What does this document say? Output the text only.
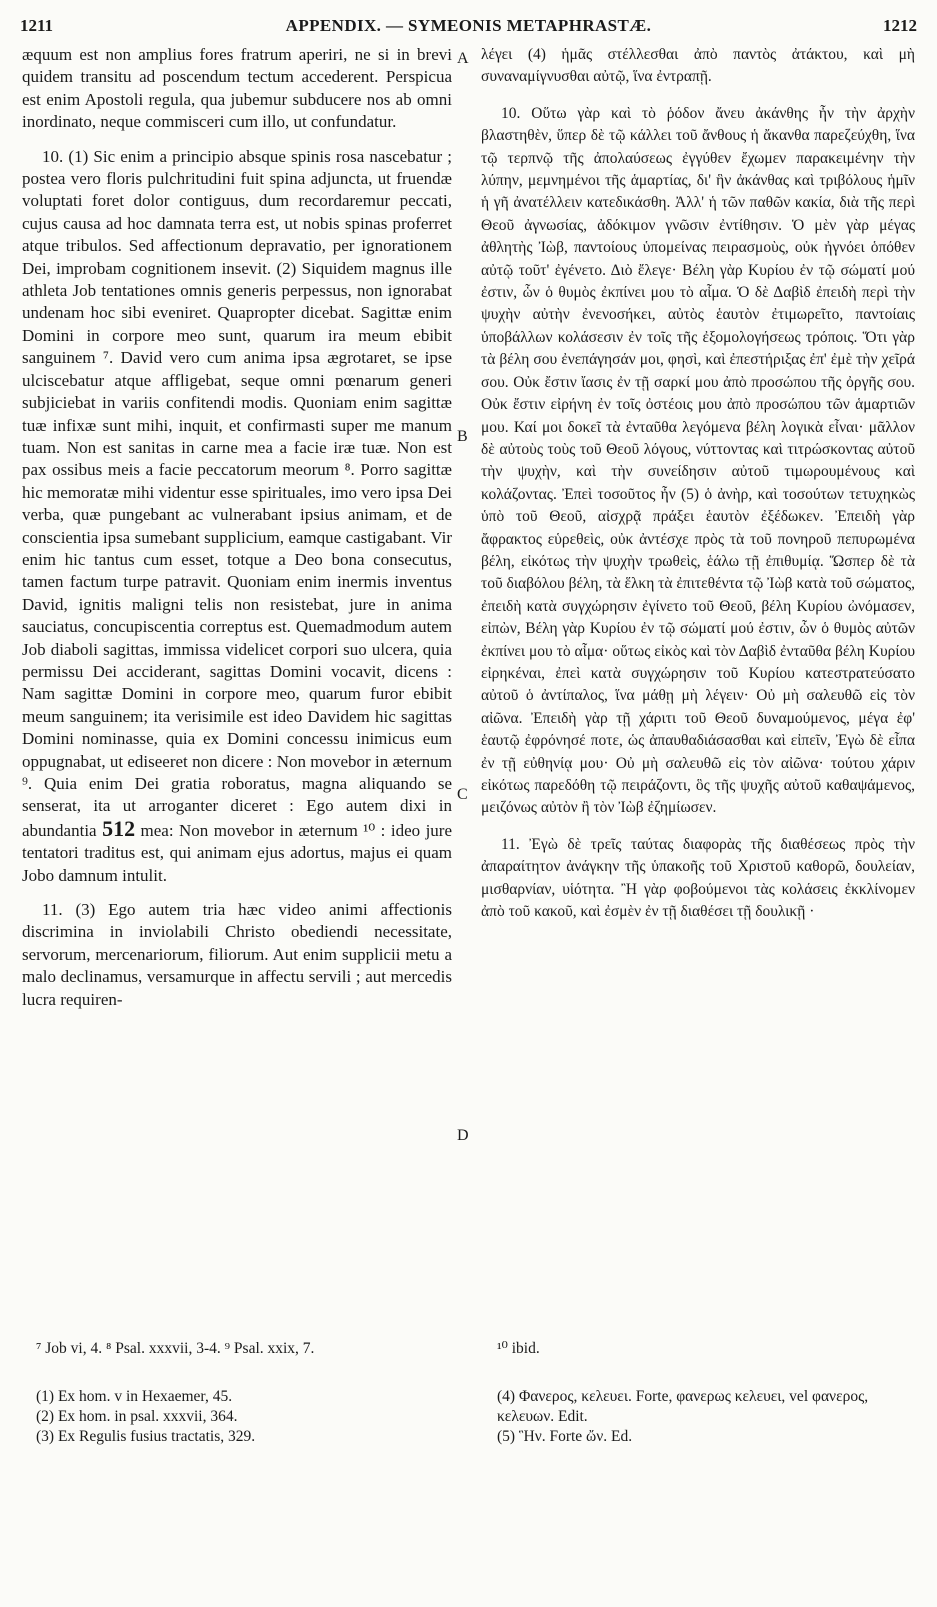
1211	APPENDIX. — SYMEONIS METAPHRASTÆ.	1212
A
B
C
D

æquum est non amplius fores fratrum aperiri, ne si in brevi quidem transitu ad poscendum tectum accederent. Perspicua est enim Apostoli regula, qua jubemur subducere nos ab omni inordinato, neque commisceri cum illo, ut confundatur.

10. (1) Sic enim a principio absque spinis rosa nascebatur ; postea vero floris pulchritudini fuit spina adjuncta, ut fruendæ voluptati foret dolor contiguus, dum recordaremur peccati, cujus causa ad hoc damnata terra est, ut nobis spinas proferret atque tribulos. Sed affectionum depravatio, per ignorationem Dei, improbam cognitionem insevit. (2) Siquidem magnus ille athleta Job tentationes omnis generis perpessus, non ignorabat undenam hoc sibi eveniret. Quapropter dicebat. Sagittæ enim Domini in corpore meo sunt, quarum ira meum ebibit sanguinem ⁷. David vero cum anima ipsa ægrotaret, se ipse ulciscebatur atque affligebat, seque omni pœnarum generi subjiciebat in variis confitendi modis. Quoniam enim sagittæ tuæ infixæ sunt mihi, inquit, et confirmasti super me manum tuam. Non est sanitas in carne mea a facie iræ tuæ. Non est pax ossibus meis a facie peccatorum meorum ⁸. Porro sagittæ hic memoratæ mihi videntur esse spirituales, imo vero ipsa Dei verba, quæ pungebant ac vulnerabant ipsius animam, et de conscientia ipsa sumebant supplicium, eamque castigabant. Vir enim hic tantus cum esset, totque a Deo bona consecutus, tamen factum turpe patravit. Quoniam enim inermis inventus David, ignitis maligni telis non resistebat, jure in anima sauciatus, concupiscentia correptus est. Quemadmodum autem Job diaboli sagittas, immissa videlicet corpori suo ulcera, quia permissu Dei acciderant, sagittas Domini vocavit, dicens : Nam sagittæ Domini in corpore meo, quarum furor ebibit meum sanguinem; ita verisimile est ideo Davidem hic sagittas Domini nominasse, quia ex Domini concessu inimicus eum oppugnabat, ut ediseeret non dicere : Non movebor in æternum ⁹. Quia enim Dei gratia roboratus, magna aliquando se senserat, ita ut arroganter diceret : Ego autem dixi in abundantia 512 mea: Non movebor in æternum ¹⁰ : ideo jure tentatori traditus est, qui animam ejus adortus, majus ei quam Jobo damnum intulit.

11. (3) Ego autem tria hæc video animi affectionis discrimina in inviolabili Christo obediendi necessitate, servorum, mercenariorum, filiorum. Aut enim supplicii metu a malo declinamus, versamurque in affectu servili ; aut mercedis lucra requiren-

λέγει (4) ἡμᾶς στέλλεσθαι ἀπὸ παντὸς ἀτάκτου, καὶ μὴ συναναμίγνυσθαι αὐτῷ, ἵνα ἐντραπῇ.

10. Οὕτω γὰρ καὶ τὸ ῥόδον ἄνευ ἀκάνθης ἦν τὴν ἀρχὴν βλαστηθὲν, ὕπερ δὲ τῷ κάλλει τοῦ ἄνθους ἡ ἄκανθα παρεζεύχθη, ἵνα τῷ τερπνῷ τῆς ἀπολαύσεως ἐγγύθεν ἔχωμεν παρακειμένην τὴν λύπην, μεμνημένοι τῆς ἁμαρτίας, δι' ἣν ἀκάνθας καὶ τριβόλους ἡμῖν ἡ γῆ ἀνατέλλειν κατεδικάσθη. Ἀλλ' ἡ τῶν παθῶν κακία, διὰ τῆς περὶ Θεοῦ ἀγνωσίας, ἀδόκιμον γνῶσιν ἐντίθησιν. Ὁ μὲν γὰρ μέγας ἀθλητὴς Ἰὼβ, παντοίους ὑπομείνας πειρασμοὺς, οὐκ ἠγνόει ὁπόθεν αὐτῷ τοῦτ' ἐγένετο. Διὸ ἔλεγε· Βέλη γὰρ Κυρίου ἐν τῷ σώματί μού ἐστιν, ὧν ὁ θυμὸς ἐκπίνει μου τὸ αἷμα. Ὁ δὲ Δαβὶδ ἐπειδὴ περὶ τὴν ψυχὴν αὐτὴν ἐνενοσήκει, αὐτὸς ἑαυτὸν ἐτιμωρεῖτο, παντοίαις ὑποβάλλων κολάσεσιν ἐν τοῖς τῆς ἐξομολογήσεως τρόποις. Ὅτι γὰρ τὰ βέλη σου ἐνεπάγησάν μοι, φησὶ, καὶ ἐπεστήριξας ἐπ' ἐμὲ τὴν χεῖρά σου. Οὐκ ἔστιν ἴασις ἐν τῇ σαρκί μου ἀπὸ προσώπου τῆς ὀργῆς σου. Οὐκ ἔστιν εἰρήνη ἐν τοῖς ὀστέοις μου ἀπὸ προσώπου τῶν ἁμαρτιῶν μου. Καί μοι δοκεῖ τὰ ἐνταῦθα λεγόμενα βέλη λογικὰ εἶναι· μᾶλλον δὲ αὐτοὺς τοὺς τοῦ Θεοῦ λόγους, νύττοντας καὶ τιτρώσκοντας αὐτοῦ τὴν ψυχὴν, καὶ τὴν συνείδησιν αὐτοῦ τιμωρουμένους καὶ κολάζοντας. Ἐπεὶ τοσοῦτος ἦν (5) ὁ ἀνὴρ, καὶ τοσούτων τετυχηκὼς ὑπὸ τοῦ Θεοῦ, αἰσχρᾷ πράξει ἑαυτὸν ἐξέδωκεν. Ἐπειδὴ γὰρ ἄφρακτος εὑρεθεὶς, οὐκ ἀντέσχε πρὸς τὰ τοῦ πονηροῦ πεπυρωμένα βέλη, εἰκότως τὴν ψυχὴν τρωθεὶς, ἑάλω τῇ ἐπιθυμίᾳ. Ὥσπερ δὲ τὰ τοῦ διαβόλου βέλη, τὰ ἕλκη τὰ ἐπιτεθέντα τῷ Ἰὼβ κατὰ τοῦ σώματος, ἐπειδὴ κατὰ συγχώρησιν ἐγίνετο τοῦ Θεοῦ, βέλη Κυρίου ὠνόμασεν, εἰπὼν, Βέλη γὰρ Κυρίου ἐν τῷ σώματί μού ἐστιν, ὧν ὁ θυμὸς αὐτῶν ἐκπίνει μου τὸ αἷμα· οὕτως εἰκὸς καὶ τὸν Δαβὶδ ἐνταῦθα βέλη Κυρίου εἰρηκέναι, ἐπεὶ κατὰ συγχώρησιν τοῦ Κυρίου κατεστρατεύσατο αὐτοῦ ὁ ἀντίπαλος, ἵνα μάθῃ μὴ λέγειν· Οὐ μὴ σαλευθῶ εἰς τὸν αἰῶνα. Ἐπειδὴ γὰρ τῇ χάριτι τοῦ Θεοῦ δυναμούμενος, μέγα ἐφ' ἑαυτῷ ἐφρόνησέ ποτε, ὡς ἀπαυθαδιάσασθαι καὶ εἰπεῖν, Ἐγὼ δὲ εἶπα ἐν τῇ εὐθηνίᾳ μου· Οὐ μὴ σαλευθῶ εἰς τὸν αἰῶνα· τούτου χάριν εἰκότως παρεδόθη τῷ πειράζοντι, ὃς τῆς ψυχῆς αὐτοῦ καθαψάμενος, μειζόνως αὐτὸν ἢ τὸν Ἰὼβ ἐζημίωσεν.

11. Ἐγὼ δὲ τρεῖς ταύτας διαφορὰς τῆς διαθέσεως πρὸς τὴν ἀπαραίτητον ἀνάγκην τῆς ὑπακοῆς τοῦ Χριστοῦ καθορῶ, δουλείαν, μισθαρνίαν, υἱότητα. Ἢ γὰρ φοβούμενοι τὰς κολάσεις ἐκκλίνομεν ἀπὸ τοῦ κακοῦ, καὶ ἐσμὲν ἐν τῇ διαθέσει τῇ δουλικῇ ·

⁷ Job vi, 4. ⁸ Psal. xxxvii, 3-4. ⁹ Psal. xxix, 7.	¹⁰ ibid.
(1) Ex hom. v in Hexaemer, 45.
(2) Ex hom. in psal. xxxvii, 364.
(3) Ex Regulis fusius tractatis, 329.
(4) Φανερος, κελευει. Forte, φανερως κελευει, vel φανερος, κελευων. Edit.
(5) Ἣν. Forte ὤν. Ed.
